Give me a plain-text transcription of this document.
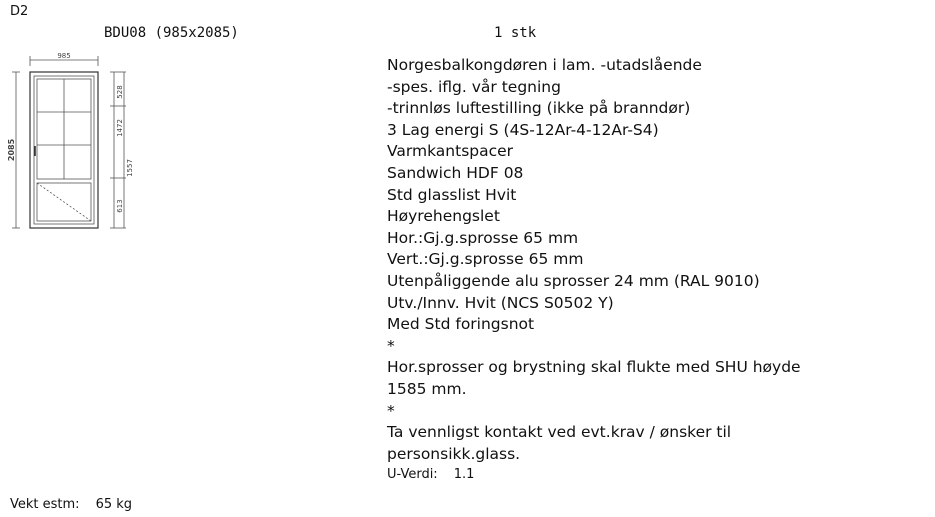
D2
BDU08 (985x2085)	1 stk
985
2085
528
1472
1557
613
Norgesbalkongdøren i lam. -utadslående
-spes. iflg. vår tegning
-trinnløs luftestilling (ikke på branndør)
3 Lag energi S (4S-12Ar-4-12Ar-S4)
Varmkantspacer
Sandwich HDF 08
Std glasslist Hvit
Høyrehengslet
Hor.:Gj.g.sprosse 65 mm
Vert.:Gj.g.sprosse 65 mm
Utenpåliggende alu sprosser 24 mm (RAL 9010)
Utv./Innv. Hvit (NCS S0502 Y)
Med Std foringsnot
*
Hor.sprosser og brystning skal flukte med SHU høyde
1585 mm.
*
Ta vennligst kontakt ved evt.krav / ønsker til
personsikk.glass.
U-Verdi: 1.1
Vekt estm: 65 kg
